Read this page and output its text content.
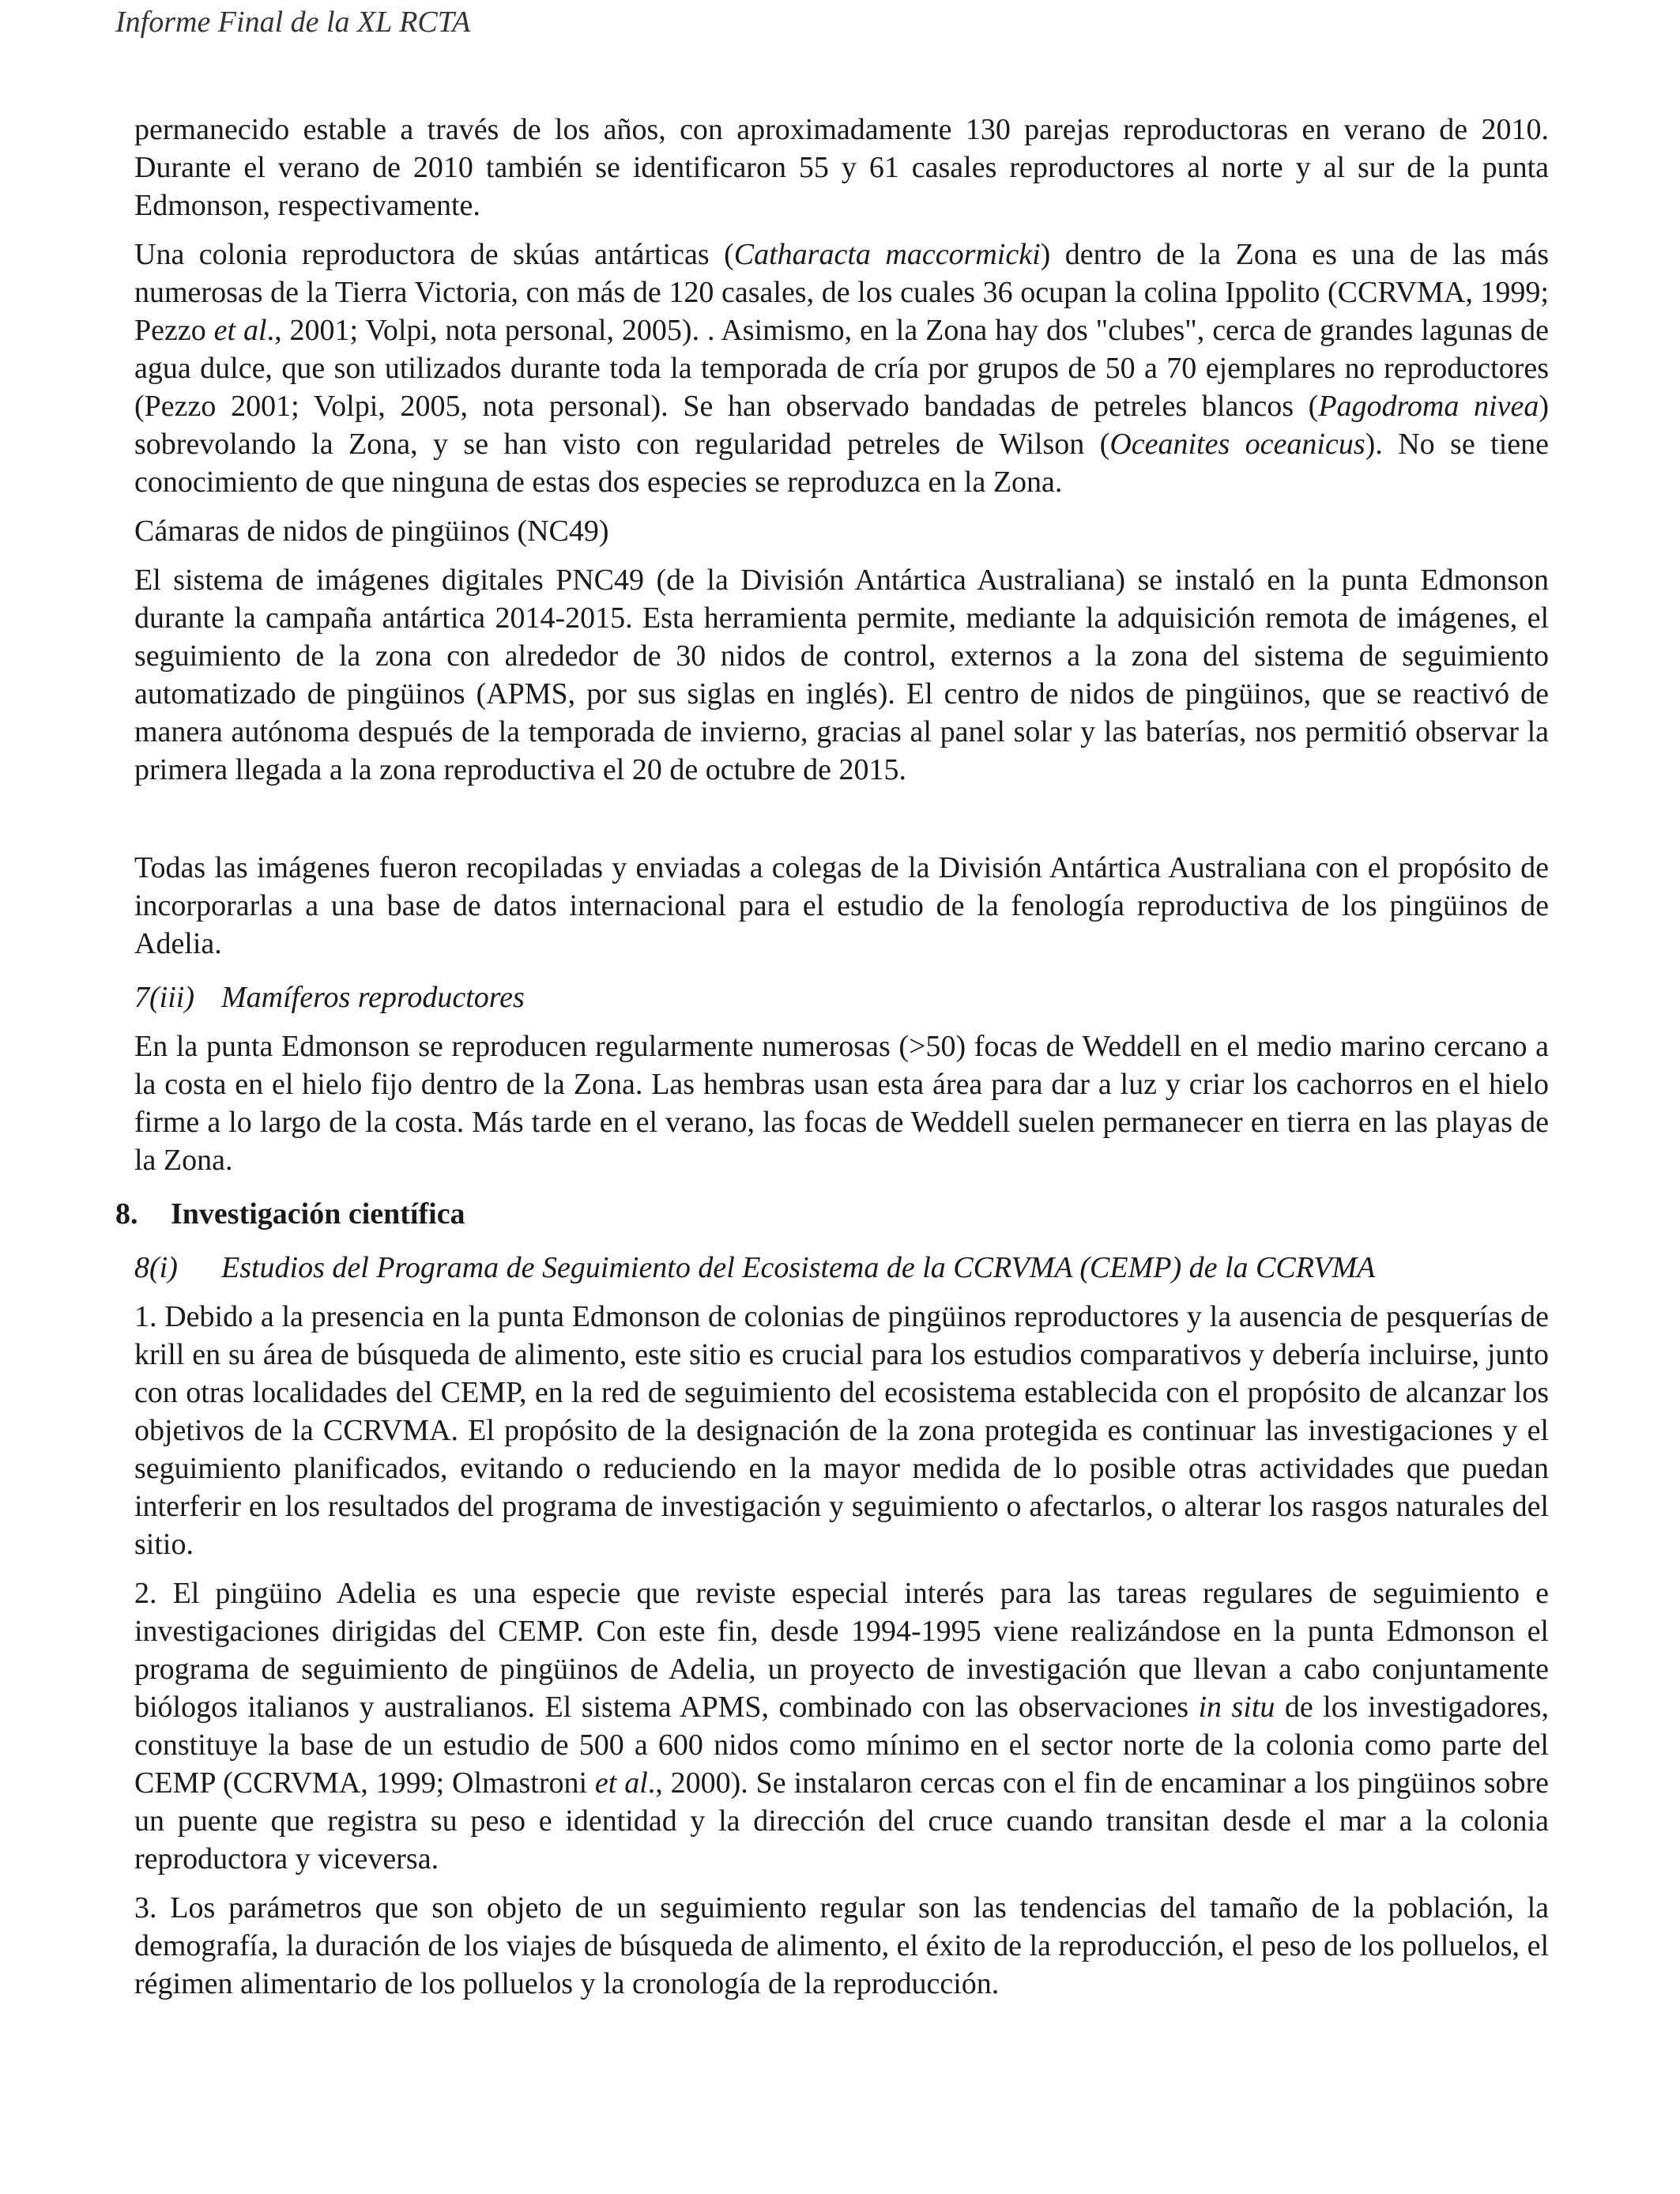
Informe Final de la XL RCTA

permanecido estable a través de los años, con aproximadamente 130 parejas reproductoras en verano de 2010. Durante el verano de 2010 también se identificaron 55 y 61 casales reproductores al norte y al sur de la punta Edmonson, respectivamente.

Una colonia reproductora de skúas antárticas (Catharacta maccormicki) dentro de la Zona es una de las más numerosas de la Tierra Victoria, con más de 120 casales, de los cuales 36 ocupan la colina Ippolito (CCRVMA, 1999; Pezzo et al., 2001; Volpi, nota personal, 2005). . Asimismo, en la Zona hay dos "clubes", cerca de grandes lagunas de agua dulce, que son utilizados durante toda la temporada de cría por grupos de 50 a 70 ejemplares no reproductores (Pezzo 2001; Volpi, 2005, nota personal). Se han observado bandadas de petreles blancos (Pagodroma nivea) sobrevolando la Zona, y se han visto con regularidad petreles de Wilson (Oceanites oceanicus). No se tiene conocimiento de que ninguna de estas dos especies se reproduzca en la Zona.

Cámaras de nidos de pingüinos (NC49)

El sistema de imágenes digitales PNC49 (de la División Antártica Australiana) se instaló en la punta Edmonson durante la campaña antártica 2014-2015. Esta herramienta permite, mediante la adquisición remota de imágenes, el seguimiento de la zona con alrededor de 30 nidos de control, externos a la zona del sistema de seguimiento automatizado de pingüinos (APMS, por sus siglas en inglés). El centro de nidos de pingüinos, que se reactivó de manera autónoma después de la temporada de invierno, gracias al panel solar y las baterías, nos permitió observar la primera llegada a la zona reproductiva el 20 de octubre de 2015.

Todas las imágenes fueron recopiladas y enviadas a colegas de la División Antártica Australiana con el propósito de incorporarlas a una base de datos internacional para el estudio de la fenología reproductiva de los pingüinos de Adelia.

7(iii) Mamíferos reproductores

En la punta Edmonson se reproducen regularmente numerosas (>50) focas de Weddell en el medio marino cercano a la costa en el hielo fijo dentro de la Zona. Las hembras usan esta área para dar a luz y criar los cachorros en el hielo firme a lo largo de la costa. Más tarde en el verano, las focas de Weddell suelen permanecer en tierra en las playas de la Zona.

8. Investigación científica

8(i) Estudios del Programa de Seguimiento del Ecosistema de la CCRVMA (CEMP) de la CCRVMA

1. Debido a la presencia en la punta Edmonson de colonias de pingüinos reproductores y la ausencia de pesquerías de krill en su área de búsqueda de alimento, este sitio es crucial para los estudios comparativos y debería incluirse, junto con otras localidades del CEMP, en la red de seguimiento del ecosistema establecida con el propósito de alcanzar los objetivos de la CCRVMA. El propósito de la designación de la zona protegida es continuar las investigaciones y el seguimiento planificados, evitando o reduciendo en la mayor medida de lo posible otras actividades que puedan interferir en los resultados del programa de investigación y seguimiento o afectarlos, o alterar los rasgos naturales del sitio.

2. El pingüino Adelia es una especie que reviste especial interés para las tareas regulares de seguimiento e investigaciones dirigidas del CEMP. Con este fin, desde 1994-1995 viene realizándose en la punta Edmonson el programa de seguimiento de pingüinos de Adelia, un proyecto de investigación que llevan a cabo conjuntamente biólogos italianos y australianos. El sistema APMS, combinado con las observaciones in situ de los investigadores, constituye la base de un estudio de 500 a 600 nidos como mínimo en el sector norte de la colonia como parte del CEMP (CCRVMA, 1999; Olmastroni et al., 2000). Se instalaron cercas con el fin de encaminar a los pingüinos sobre un puente que registra su peso e identidad y la dirección del cruce cuando transitan desde el mar a la colonia reproductora y viceversa.

3. Los parámetros que son objeto de un seguimiento regular son las tendencias del tamaño de la población, la demografía, la duración de los viajes de búsqueda de alimento, el éxito de la reproducción, el peso de los polluelos, el régimen alimentario de los polluelos y la cronología de la reproducción.
